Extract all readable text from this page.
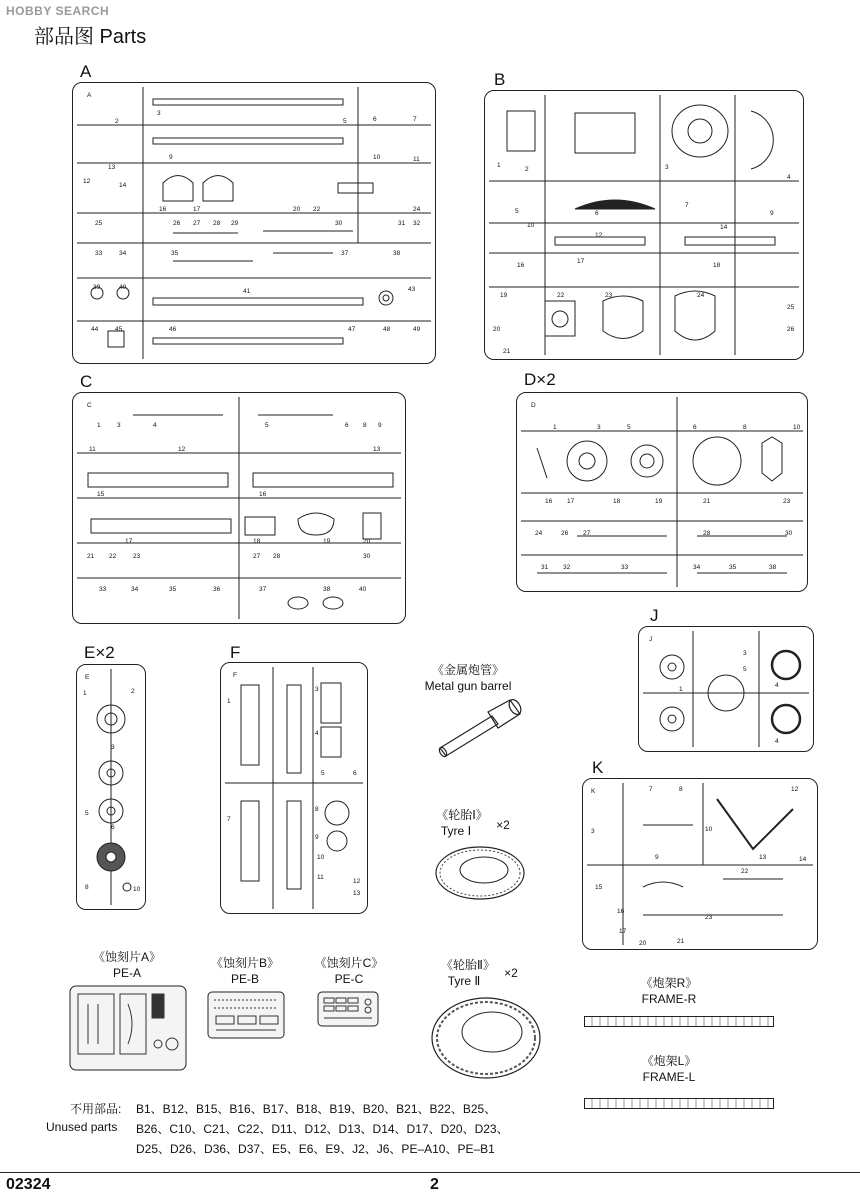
HOBBY SEARCH
部品图 Parts
A
A
2
3
5	6	7
9	10	11
12
13
14
16	17	20 22	24
25	26 27 28 29	30	31 32
33	34	35	37	38
39	40
41	43
44	45	46	47	48	49
B
1
2	3
4
5	6
7
9
10
12
14
16
17
18
19
20
21
22	23	24
25
26
C
C
1	3	4	5	6 8 9
11	12	13
15	16
17	18	19	20
21 22	23	27 28	30
33	34	35	36	37	38	40
D×2
D
1	3	5	6	8	10
16 17	18	19	21	23
24	26 27	28	30
31 32	33	34	35	38
E×2
E
1	2
3
5
6
8	10
F
F
1
3
4
5	6
7
8
9
10
11
12
13
《金属炮管》
Metal gun barrel
《轮胎Ⅰ》
Tyre Ⅰ	×2
J
J
1
3
5
4
4
K
K	7	8	12
3
9
10
13	14
22
15
16
17
20	21
23
《蚀刻片A》
PE-A
《蚀刻片B》
PE-B
《蚀刻片C》
PE-C
《轮胎Ⅱ》
Tyre Ⅱ
×2
《炮架R》
FRAME-R
《炮架L》
FRAME-L
不用部品:
Unused parts
B1、B12、B15、B16、B17、B18、B19、B20、B21、B22、B25、
B26、C10、C21、C22、D11、D12、D13、D14、D17、D20、D23、
D25、D26、D36、D37、E5、E6、E9、J2、J6、PE–A10、PE–B1
02324	2
